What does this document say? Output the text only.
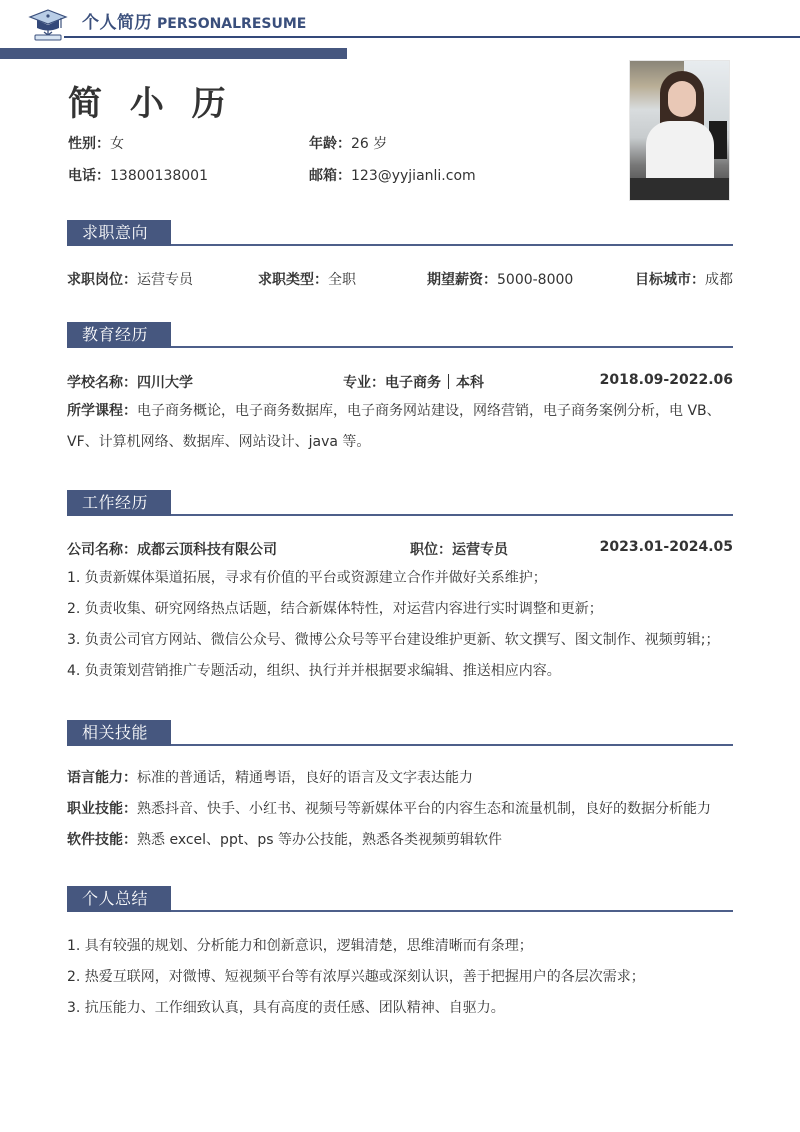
个人简历 PERSONALRESUME
简 小 历
性别：女	年龄：26 岁
电话：13800138001	邮箱：123@yyjianli.com
求职意向
求职岗位：运营专员	求职类型：全职	期望薪资：5000-8000	目标城市：成都
教育经历
学校名称：四川大学	专业：电子商务 本科	2018.09-2022.06
所学课程：电子商务概论，电子商务数据库，电子商务网站建设，网络营销，电子商务案例分析，电 VB、VF、计算机网络、数据库、网站设计、java 等。
工作经历
公司名称：成都云顶科技有限公司	职位：运营专员	2023.01-2024.05
1. 负责新媒体渠道拓展，寻求有价值的平台或资源建立合作并做好关系维护；
2. 负责收集、研究网络热点话题，结合新媒体特性，对运营内容进行实时调整和更新；
3. 负责公司官方网站、微信公众号、微博公众号等平台建设维护更新、软文撰写、图文制作、视频剪辑;；
4. 负责策划营销推广专题活动，组织、执行并并根据要求编辑、推送相应内容。
相关技能
语言能力：标准的普通话，精通粤语，良好的语言及文字表达能力
职业技能：熟悉抖音、快手、小红书、视频号等新媒体平台的内容生态和流量机制，良好的数据分析能力
软件技能：熟悉 excel、ppt、ps 等办公技能，熟悉各类视频剪辑软件
个人总结
1. 具有较强的规划、分析能力和创新意识，逻辑清楚，思维清晰而有条理；
2. 热爱互联网，对微博、短视频平台等有浓厚兴趣或深刻认识，善于把握用户的各层次需求；
3. 抗压能力、工作细致认真，具有高度的责任感、团队精神、自驱力。
